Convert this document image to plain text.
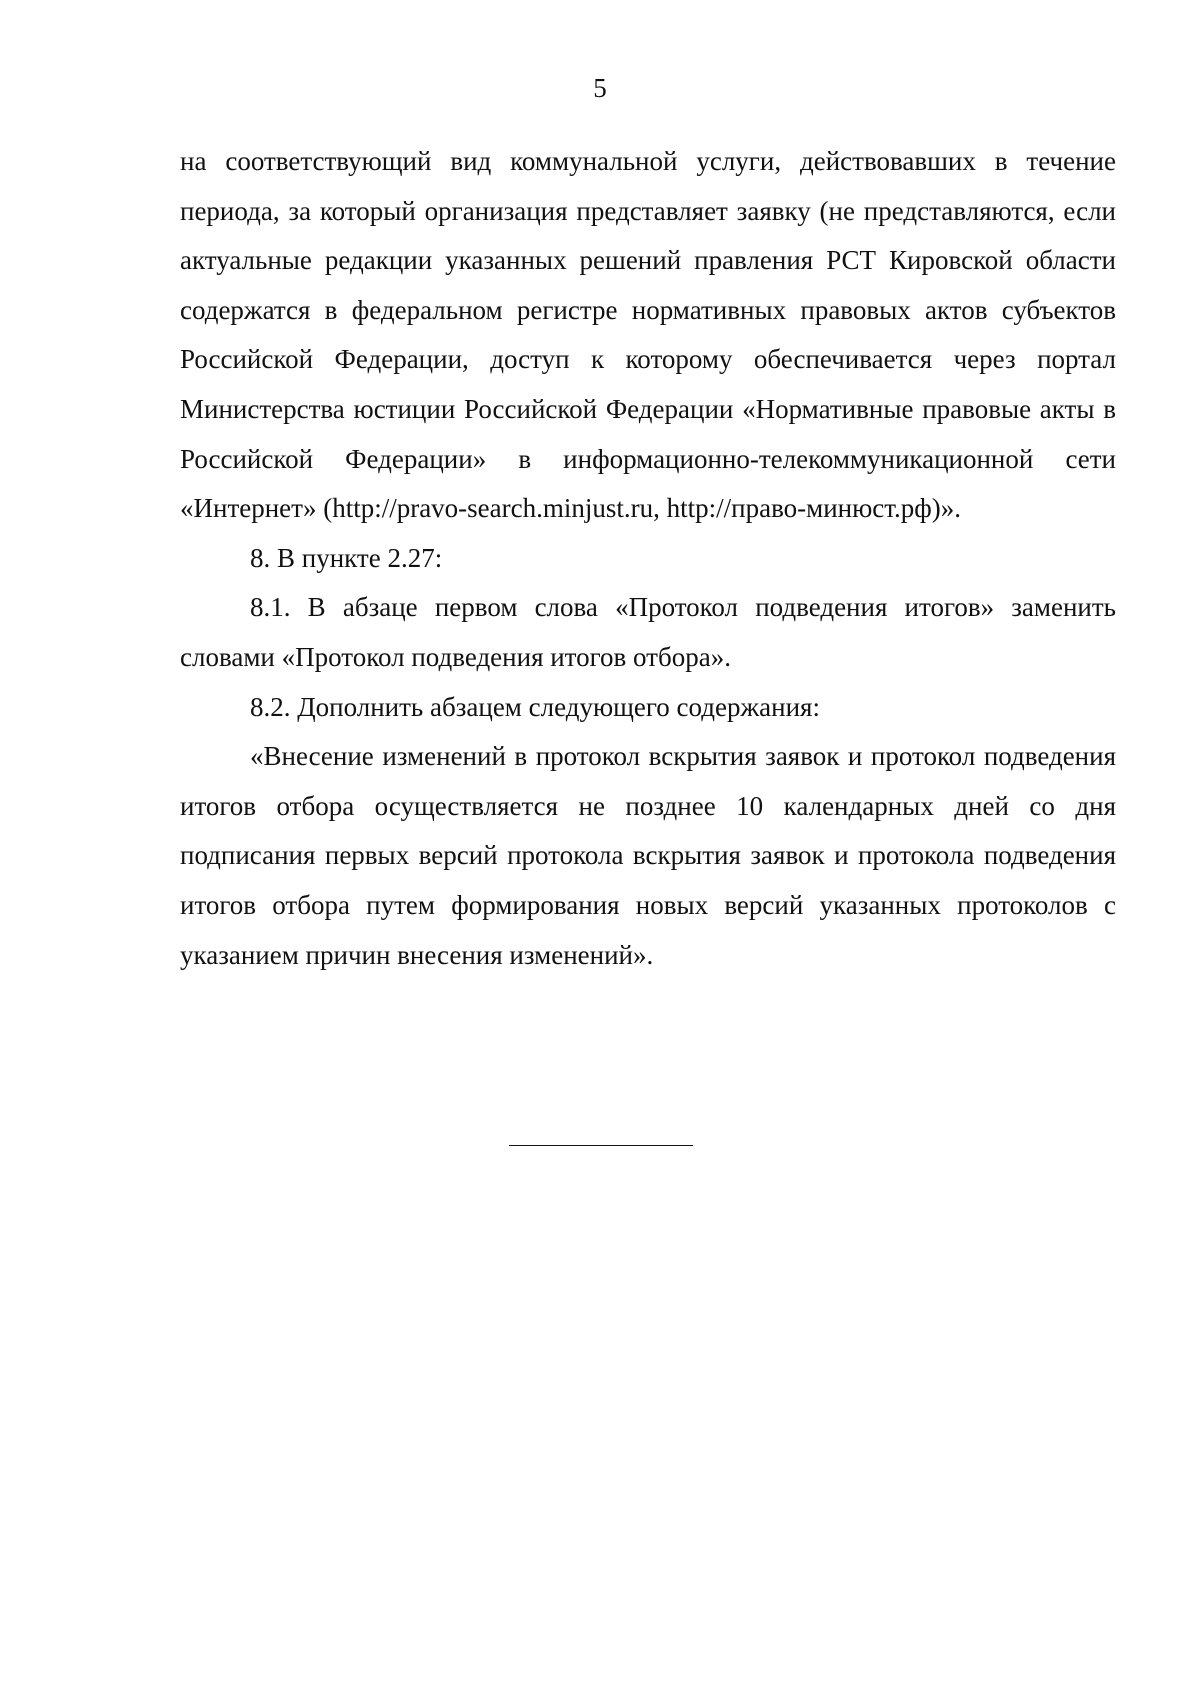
5

на соответствующий вид коммунальной услуги, действовавших в течение периода, за который организация представляет заявку (не представляются, если актуальные редакции указанных решений правления РСТ Кировской области содержатся в федеральном регистре нормативных правовых актов субъектов Российской Федерации, доступ к которому обеспечивается через портал Министерства юстиции Российской Федерации «Нормативные правовые акты в Российской Федерации» в информационно-телекоммуникационной сети «Интернет» (http://pravo-search.minjust.ru, http://право-минюст.рф)».

8. В пункте 2.27:

8.1. В абзаце первом слова «Протокол подведения итогов» заменить словами «Протокол подведения итогов отбора».

8.2. Дополнить абзацем следующего содержания:

«Внесение изменений в протокол вскрытия заявок и протокол подведения итогов отбора осуществляется не позднее 10 календарных дней со дня подписания первых версий протокола вскрытия заявок и протокола подведения итогов отбора путем формирования новых версий указанных протоколов с указанием причин внесения изменений».
